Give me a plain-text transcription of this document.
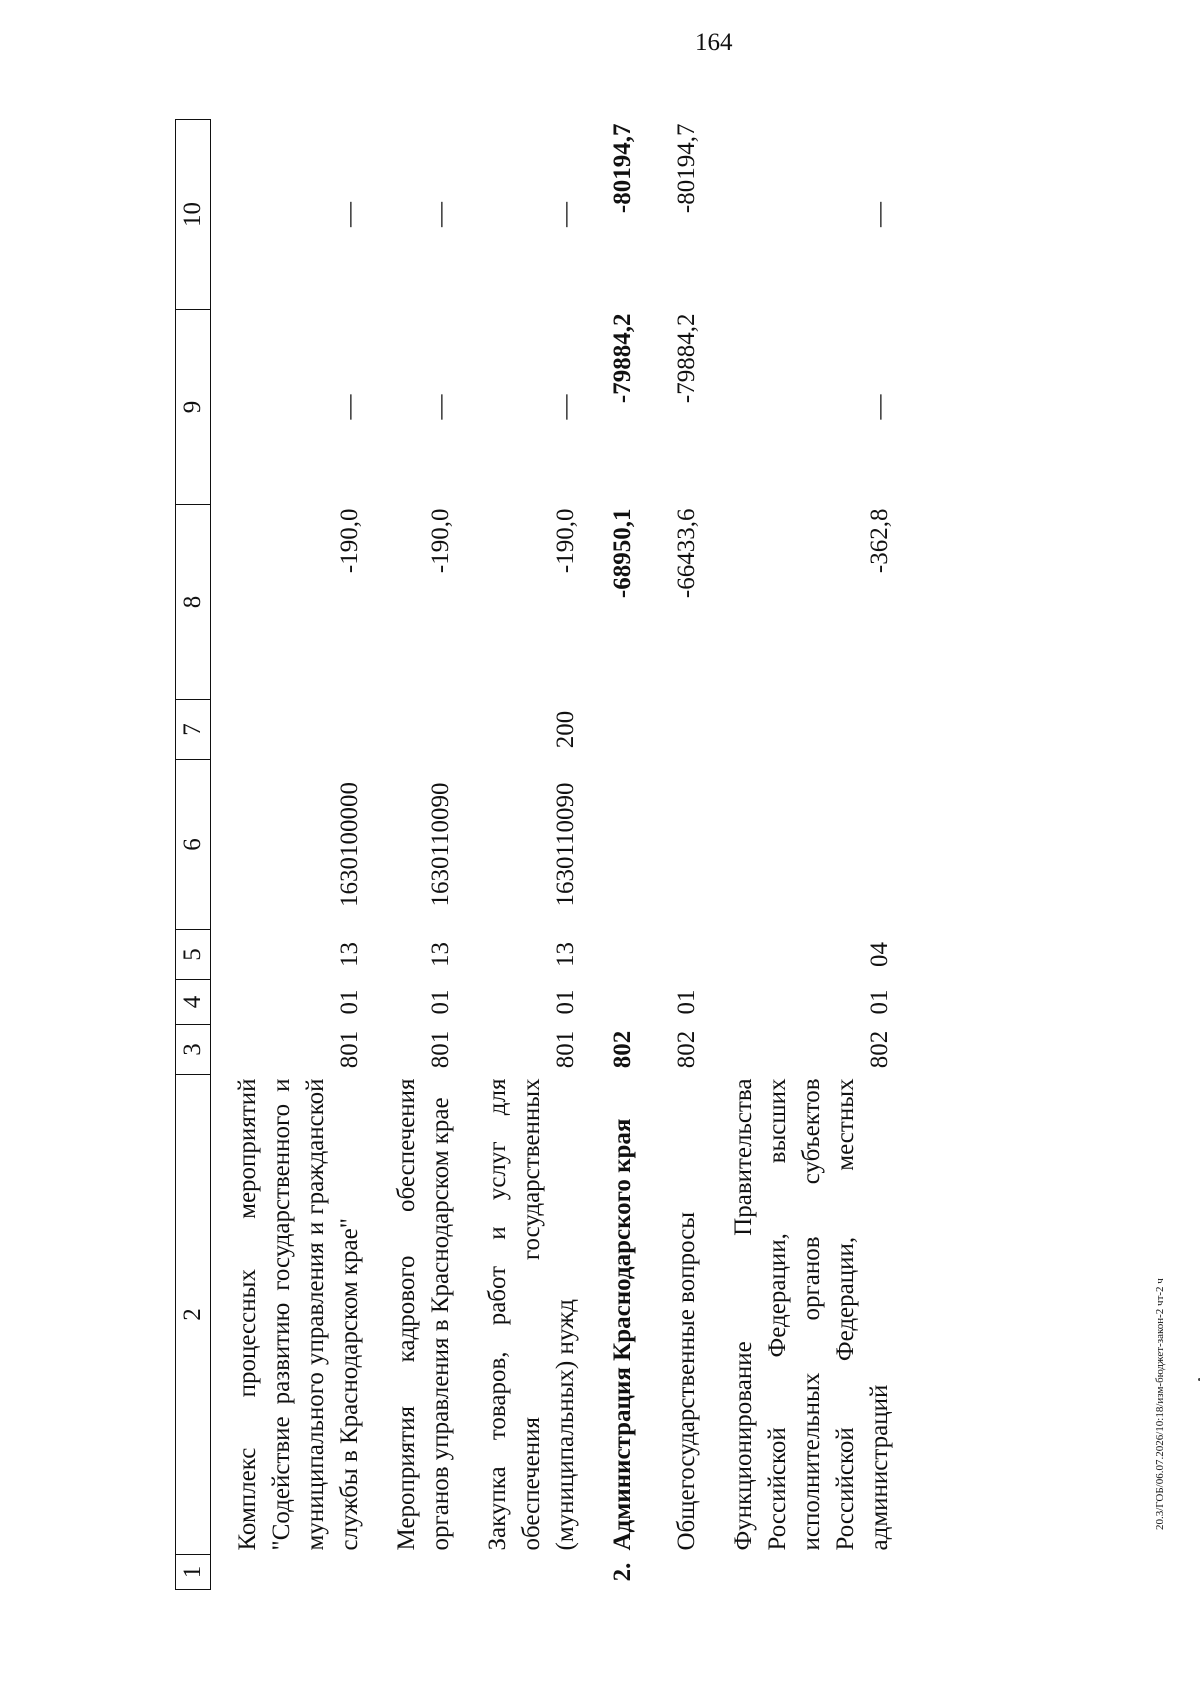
164
1	2	3	4	5	6	7	8	9	10
	Комплекс процессных мероприятий "Содействие развитию государственного и муниципального управления и гражданской службы в Краснодарском крае"	801	01	13	1630100000		-190,0	—	—
	Мероприятия кадрового обеспечения органов управления в Краснодарском крае	801	01	13	1630110090		-190,0	—	—
	Закупка товаров, работ и услуг для обеспечения государственных (муниципальных) нужд	801	01	13	1630110090	200	-190,0	—	—
2.	Администрация Краснодарского края	802					-68950,1	-79884,2	-80194,7
	Общегосударственные вопросы	802	01				-66433,6	-79884,2	-80194,7
	Функционирование Правительства Российской Федерации, высших исполнительных органов субъектов Российской Федерации, местных администраций	802	01	04			-362,8	—	—
20.3/ГОБ/06.07.2026/10:18/изм-бюджет-закон-2 чт-2 ч
